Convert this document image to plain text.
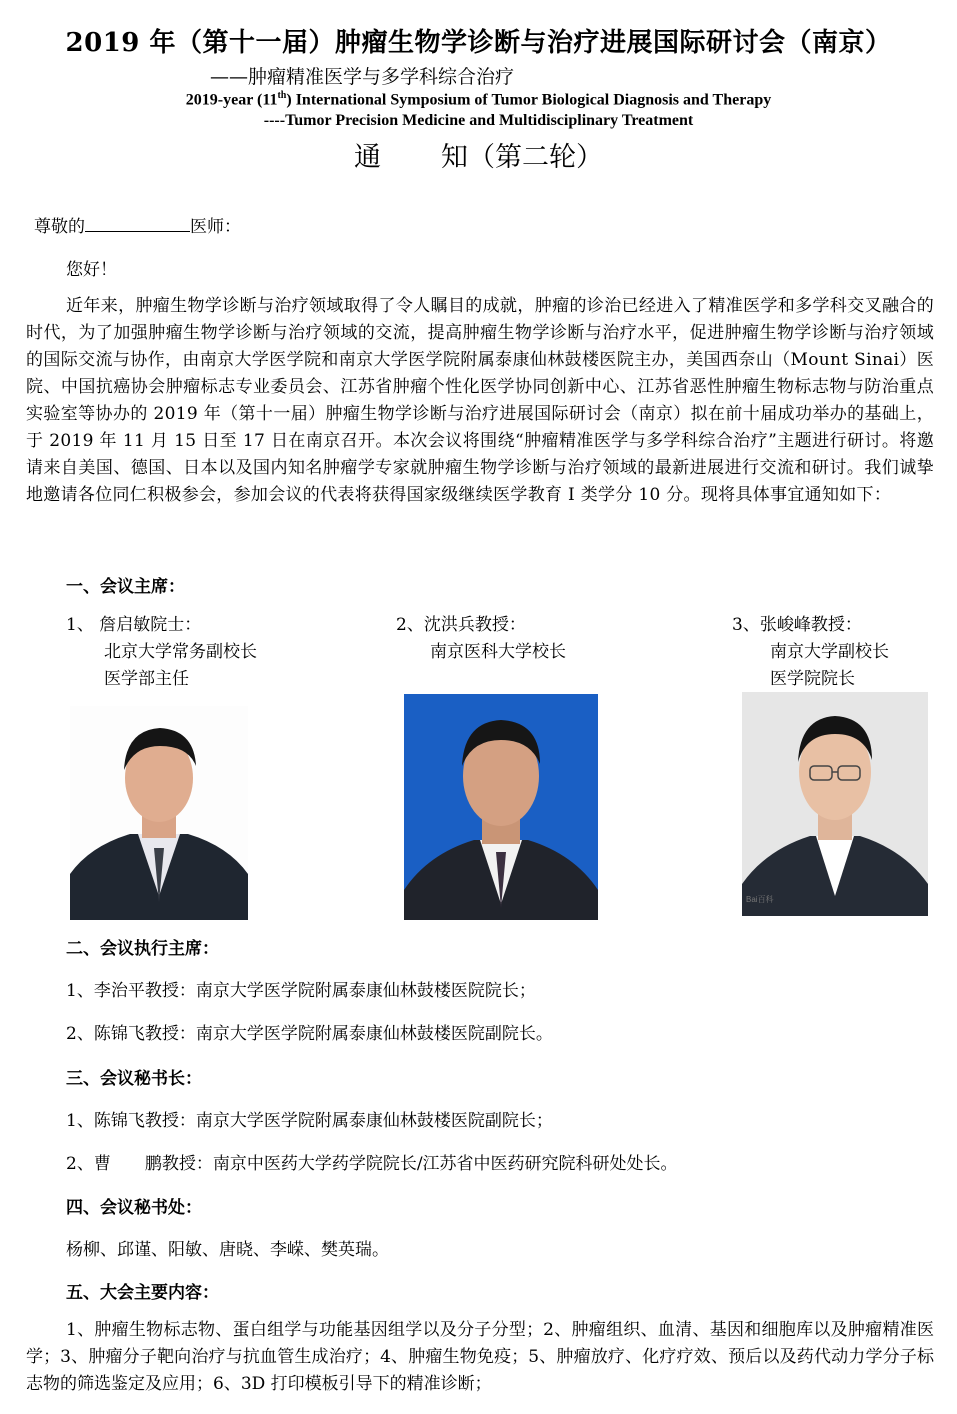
2019 年（第十一届）肿瘤生物学诊断与治疗进展国际研讨会（南京）
——肿瘤精准医学与多学科综合治疗
2019-year (11th) International Symposium of Tumor Biological Diagnosis and Therapy
----Tumor Precision Medicine and Multidisciplinary Treatment
通 知（第二轮）
尊敬的	医师：
您好！
近年来，肿瘤生物学诊断与治疗领域取得了令人瞩目的成就，肿瘤的诊治已经进入了精准医学和多学科交叉融合的时代，为了加强肿瘤生物学诊断与治疗领域的交流，提高肿瘤生物学诊断与治疗水平，促进肿瘤生物学诊断与治疗领域的国际交流与协作，由南京大学医学院和南京大学医学院附属泰康仙林鼓楼医院主办，美国西奈山（Mount Sinai）医院、中国抗癌协会肿瘤标志专业委员会、江苏省肿瘤个性化医学协同创新中心、江苏省恶性肿瘤生物标志物与防治重点实验室等协办的 2019 年（第十一届）肿瘤生物学诊断与治疗进展国际研讨会（南京）拟在前十届成功举办的基础上，于 2019 年 11 月 15 日至 17 日在南京召开。本次会议将围绕“肿瘤精准医学与多学科综合治疗”主题进行研讨。将邀请来自美国、德国、日本以及国内知名肿瘤学专家就肿瘤生物学诊断与治疗领域的最新进展进行交流和研讨。我们诚挚地邀请各位同仁积极参会，参加会议的代表将获得国家级继续医学教育 I 类学分 10 分。现将具体事宜通知如下：
一、会议主席：
1、 詹启敏院士：
北京大学常务副校长
医学部主任
2、沈洪兵教授：
南京医科大学校长
3、张峻峰教授：
南京大学副校长
医学院院长
Bai百科
二、会议执行主席：
1、李治平教授：南京大学医学院附属泰康仙林鼓楼医院院长；
2、陈锦飞教授：南京大学医学院附属泰康仙林鼓楼医院副院长。
三、会议秘书长：
1、陈锦飞教授：南京大学医学院附属泰康仙林鼓楼医院副院长；
2、曹　　鹏教授：南京中医药大学药学院院长/江苏省中医药研究院科研处处长。
四、会议秘书处：
杨柳、邱谨、阳敏、唐晓、李嵘、樊英瑞。
五、大会主要内容：
1、肿瘤生物标志物、蛋白组学与功能基因组学以及分子分型；2、肿瘤组织、血清、基因和细胞库以及肿瘤精准医学；3、肿瘤分子靶向治疗与抗血管生成治疗；4、肿瘤生物免疫；5、肿瘤放疗、化疗疗效、预后以及药代动力学分子标志物的筛选鉴定及应用；6、3D 打印模板引导下的精准诊断；
